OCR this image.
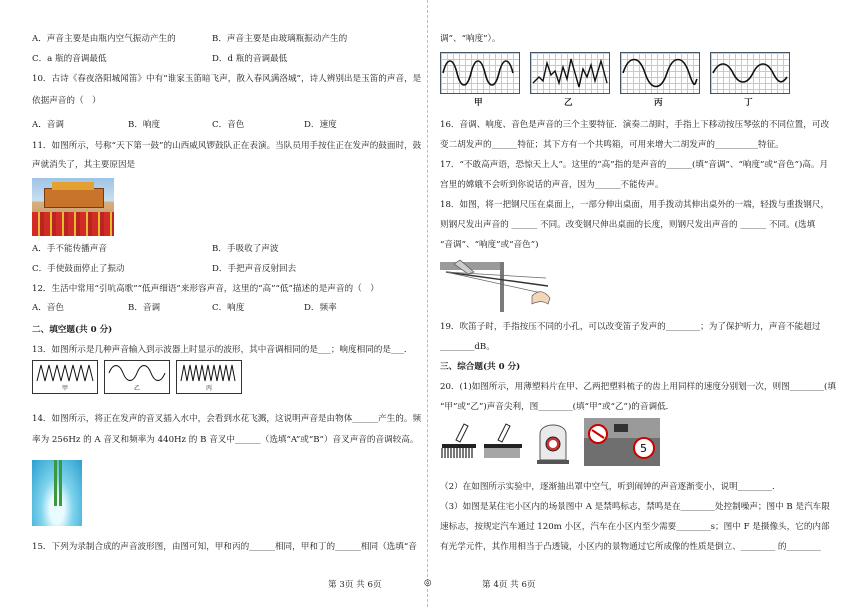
A．声音主要是由瓶内空气振动产生的	B．声音主要是由玻璃瓶振动产生的
C．a 瓶的音调最低	D．d 瓶的音调最低
10．古诗《春夜洛阳城闻笛》中有“谁家玉笛暗飞声，散入春风满洛城”，诗人辨别出是玉笛的声音，是
依据声音的（　）
A．音调	B．响度	C．音色	D．速度
11．如图所示，号称“天下第一鼓”的山西威风锣鼓队正在表演。当队员用手按住正在发声的鼓面时，鼓
声就消失了，其主要原因是
A．手不能传播声音	B．手吸收了声波
C．手使鼓面停止了振动	D．手把声音反射回去
12．生活中常用“引吭高歌”“低声细语”来形容声音，这里的“高”“低”描述的是声音的（　）
A．音色	B．音调	C．响度	D．频率
二、填空题(共 0 分)
13．如图所示是几种声音输入到示波器上时显示的波形，其中音调相同的是___；响度相同的是___．
甲	乙	丙
14．如图所示，将正在发声的音叉插入水中，会看到水花飞溅，这说明声音是由物体______产生的。频
率为 256Hz 的 A 音叉和频率为 440Hz 的 B 音叉中______（选填“A”或“B”）音叉声音的音调较高。
15．下列为录制合成的声音波形图，由图可知，甲和丙的______相同，甲和丁的______相同（选填“音
第 3页 共 6页	◎	第 4页 共 6页
调”、“响度”）。
甲	乙	丙	丁
16．音调、响度、音色是声音的三个主要特征．演奏二胡时，手指上下移动按压琴弦的不同位置，可改
变二胡发声的______特征；其下方有一个共鸣箱，可用来增大二胡发声的__________特征。
17．“不敢高声语，恐惊天上人”。这里的“高”指的是声音的______(填“音调”、“响度”或“音色”)高。月
宫里的嫦娥不会听到你说话的声音，因为______不能传声。
18．如图，将一把钢尺压在桌面上，一部分伸出桌面，用手拨动其伸出桌外的一端，轻拨与重拨钢尺，
则钢尺发出声音的 ______ 不同。改变钢尺伸出桌面的长度，则钢尺发出声音的 ______ 不同。(选填
“音调”、“响度”或“音色”)
19．吹笛子时，手指按压不同的小孔，可以改变笛子发声的________；为了保护听力，声音不能超过
________dB。
三、综合题(共 0 分)
20．(1)如图所示，用薄塑料片在甲、乙两把塑料梳子的齿上用同样的速度分别划一次，则图________(填
“甲”或“乙”)声音尖利，图________(填“甲”或“乙”)的音调低．
5
（2）在如图所示实验中，逐渐抽出罩中空气，听到闹钟的声音逐渐变小，说明________.
（3）如图是某住宅小区内的场景图中 A 是禁鸣标志，禁鸣是在________处控制噪声；图中 B 是汽车限
速标志，按规定汽车通过 120m 小区，汽车在小区内至少需要________s；图中 F 是摄像头，它的内部
有光学元件，其作用相当于凸透镜，小区内的景物通过它所成像的性质是倒立、________ 的________
